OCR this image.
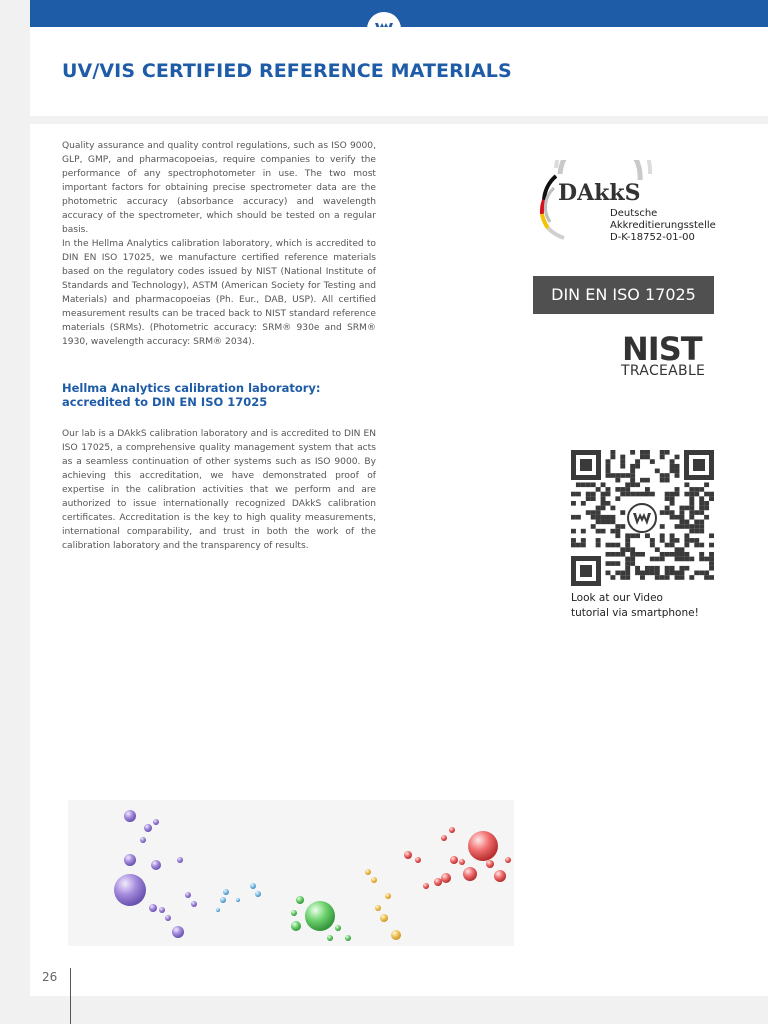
UV/VIS CERTIFIED REFERENCE MATERIALS

Quality assurance and quality control regulations, such as ISO 9000, GLP, GMP, and pharmacopoeias, require companies to verify the performance of any spectrophotometer in use. The two most important factors for obtaining precise spectrometer data are the photometric accuracy (absorbance accuracy) and wavelength accuracy of the spectrometer, which should be tested on a regular basis.

In the Hellma Analytics calibration laboratory, which is accredited to DIN EN ISO 17025, we manufacture certified reference materials based on the regulatory codes issued by NIST (National Institute of Standards and Technology), ASTM (American Society for Testing and Materials) and pharmacopoeias (Ph. Eur., DAB, USP). All certified measurement results can be traced back to NIST standard reference materials (SRMs). (Photometric accuracy: SRM® 930e and SRM® 1930, wavelength accuracy: SRM® 2034).

Hellma Analytics calibration laboratory: accredited to DIN EN ISO 17025

Our lab is a DAkkS calibration laboratory and is accredited to DIN EN ISO 17025, a comprehensive quality management system that acts as a seamless continuation of other systems such as ISO 9000. By achieving this accreditation, we have demonstrated proof of expertise in the calibration activities that we perform and are authorized to issue internationally recognized DAkkS calibration certificates. Accreditation is the key to high quality measurements, international comparability, and trust in both the work of the calibration laboratory and the transparency of results.

DAkkS
Deutsche
Akkreditierungsstelle
D-K-18752-01-00
DIN EN ISO 17025
NIST
TRACEABLE
Look at our Video
tutorial via smartphone!
26
